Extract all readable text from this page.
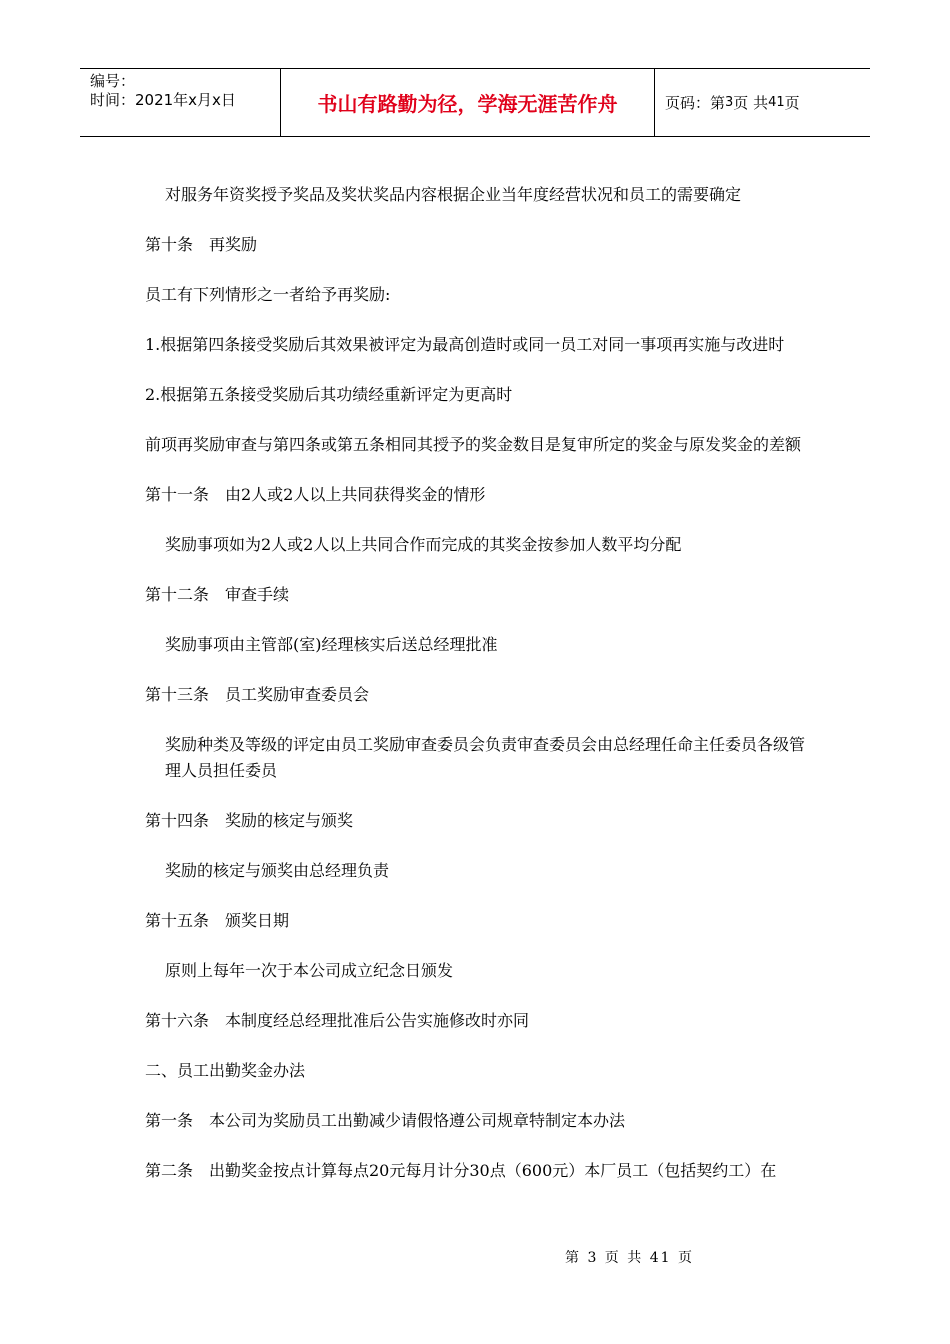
编号：
时间：2021年x月x日	书山有路勤为径，学海无涯苦作舟	页码：第 3 页 共 41 页
对服务年资奖授予奖品及奖状奖品内容根据企业当年度经营状况和员工的需要确定
第十条　再奖励
员工有下列情形之一者给予再奖励:
1.根据第四条接受奖励后其效果被评定为最高创造时或同一员工对同一事项再实施与改进时
2.根据第五条接受奖励后其功绩经重新评定为更高时
前项再奖励审查与第四条或第五条相同其授予的奖金数目是复审所定的奖金与原发奖金的差额
第十一条　由2人或2人以上共同获得奖金的情形
奖励事项如为2人或2人以上共同合作而完成的其奖金按参加人数平均分配
第十二条　审查手续
奖励事项由主管部(室)经理核实后送总经理批准
第十三条　员工奖励审查委员会
奖励种类及等级的评定由员工奖励审查委员会负责审查委员会由总经理任命主任委员各级管理人员担任委员
第十四条　奖励的核定与颁奖
奖励的核定与颁奖由总经理负责
第十五条　颁奖日期
原则上每年一次于本公司成立纪念日颁发
第十六条　本制度经总经理批准后公告实施修改时亦同
二、员工出勤奖金办法
第一条　本公司为奖励员工出勤减少请假恪遵公司规章特制定本办法
第二条　出勤奖金按点计算每点20元每月计分30点（600元）本厂员工（包括契约工）在
第 3 页 共 41 页
